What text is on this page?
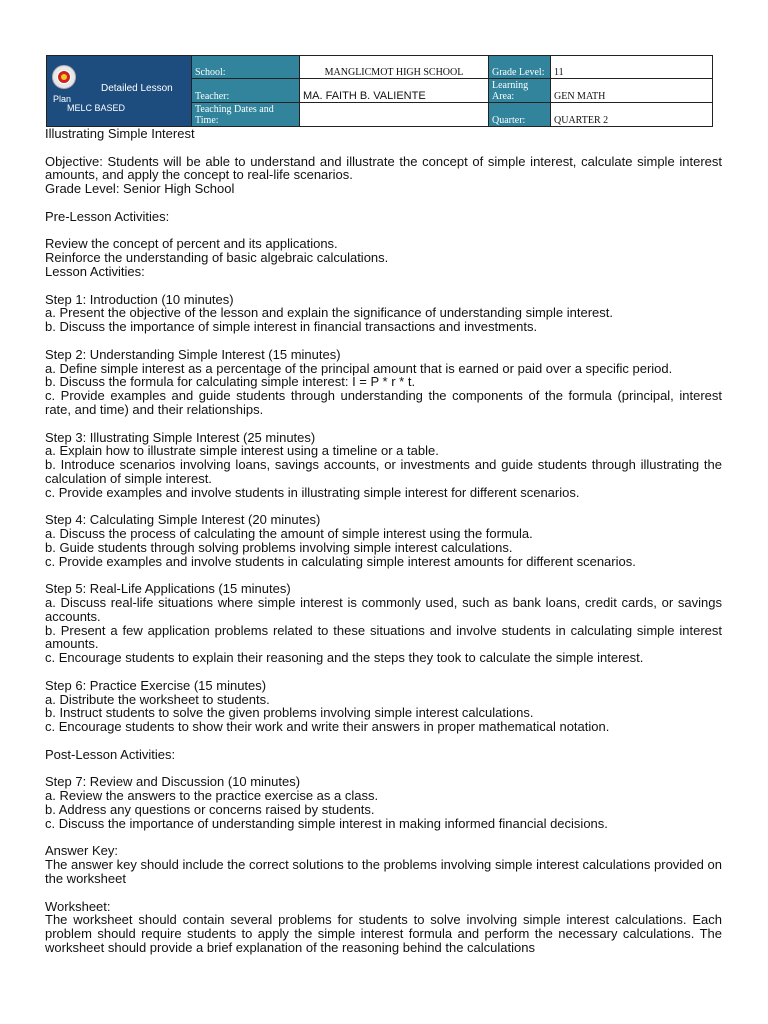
Detailed Lesson
Plan
MELC BASED	School:	MANGLICMOT HIGH SCHOOL	Grade Level:	11
	Teacher:	MA. FAITH B. VALIENTE	Learning Area:	GEN MATH
	Teaching Dates and Time:		Quarter:	QUARTER 2

Illustrating Simple Interest

Objective: Students will be able to understand and illustrate the concept of simple interest, calculate simple interest amounts, and apply the concept to real-life scenarios.

Grade Level: Senior High School

Pre-Lesson Activities:

Review the concept of percent and its applications.

Reinforce the understanding of basic algebraic calculations.

Lesson Activities:

Step 1: Introduction (10 minutes)

a. Present the objective of the lesson and explain the significance of understanding simple interest.

b. Discuss the importance of simple interest in financial transactions and investments.

Step 2: Understanding Simple Interest (15 minutes)

a. Define simple interest as a percentage of the principal amount that is earned or paid over a specific period.

b. Discuss the formula for calculating simple interest: I = P * r * t.

c. Provide examples and guide students through understanding the components of the formula (principal, interest rate, and time) and their relationships.

Step 3: Illustrating Simple Interest (25 minutes)

a. Explain how to illustrate simple interest using a timeline or a table.

b. Introduce scenarios involving loans, savings accounts, or investments and guide students through illustrating the calculation of simple interest.

c. Provide examples and involve students in illustrating simple interest for different scenarios.

Step 4: Calculating Simple Interest (20 minutes)

a. Discuss the process of calculating the amount of simple interest using the formula.

b. Guide students through solving problems involving simple interest calculations.

c. Provide examples and involve students in calculating simple interest amounts for different scenarios.

Step 5: Real-Life Applications (15 minutes)

a. Discuss real-life situations where simple interest is commonly used, such as bank loans, credit cards, or savings accounts.

b. Present a few application problems related to these situations and involve students in calculating simple interest amounts.

c. Encourage students to explain their reasoning and the steps they took to calculate the simple interest.

Step 6: Practice Exercise (15 minutes)

a. Distribute the worksheet to students.

b. Instruct students to solve the given problems involving simple interest calculations.

c. Encourage students to show their work and write their answers in proper mathematical notation.

Post-Lesson Activities:

Step 7: Review and Discussion (10 minutes)

a. Review the answers to the practice exercise as a class.

b. Address any questions or concerns raised by students.

c. Discuss the importance of understanding simple interest in making informed financial decisions.

Answer Key:

The answer key should include the correct solutions to the problems involving simple interest calculations provided on the worksheet

Worksheet:

The worksheet should contain several problems for students to solve involving simple interest calculations. Each problem should require students to apply the simple interest formula and perform the necessary calculations. The worksheet should provide a brief explanation of the reasoning behind the calculations
